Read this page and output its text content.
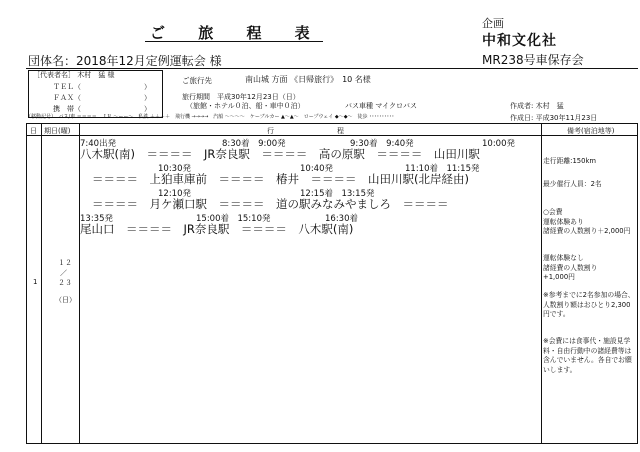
ご 旅 程 表
企画
中和文化社
MR238号車保存会
団体名：2018年12月定例運転会 様
［代表者名］ 木村　猛 様
ＴＥＬ（　　　　　　　　　）
ＦＡＸ（　　　　　　　　　）
携　帯（　　　　　　　　　）
ご旅行先	南山城 方面 《日帰旅行》　10 名様
旅行期間　平成30年12月23日（日）
（旅館・ホテル０泊、船・車中０泊）	バス車種 マイクロバス	作成者: 木村　猛
作成日: 平成30年11月23日
（移動記号）　バス/車 ＝＝＝＝　ＪＲ ～ーー～　私鉄 ＋＋＋＋　飛行機 →→→→　汽船 ～～～～　ケーブルカー ▲～▲～　ロープウェイ ◆～◆～　徒歩 ･･････････
日 期日(曜)	行　　　　　　　　　程	備考(宿泊地等)
1
１２
／
２３
（日）
7:40出発	8:30着　9:00発	9:30着　9:40発	10:00発
八木駅(南)　＝＝＝＝　JR奈良駅　＝＝＝＝　高の原駅　＝＝＝＝　山田川駅
10:30発	10:40発	11:10着　11:15発
＝＝＝＝　上狛車庫前　＝＝＝＝　椿井　＝＝＝＝　山田川駅(北岸経由)
12:10発	12:15着　13:15発
＝＝＝＝　月ケ瀬口駅　＝＝＝＝　道の駅みなみやましろ　＝＝＝＝
13:35発	15:00着　15:10発	16:30着
尾山口　＝＝＝＝　JR奈良駅　＝＝＝＝　八木駅(南)
走行距離:150km
最少催行人員：2名
○会費
運転体験あり
諸経費の人数割り＋2,000円
運転体験なし
諸経費の人数割り
+1,000円
※参考までに2名参加の場合、人数割り額はおひとり2,300円です。
※会費には食事代・施設見学料・自由行動中の諸経費等は含んでいません。各自でお願いします。
